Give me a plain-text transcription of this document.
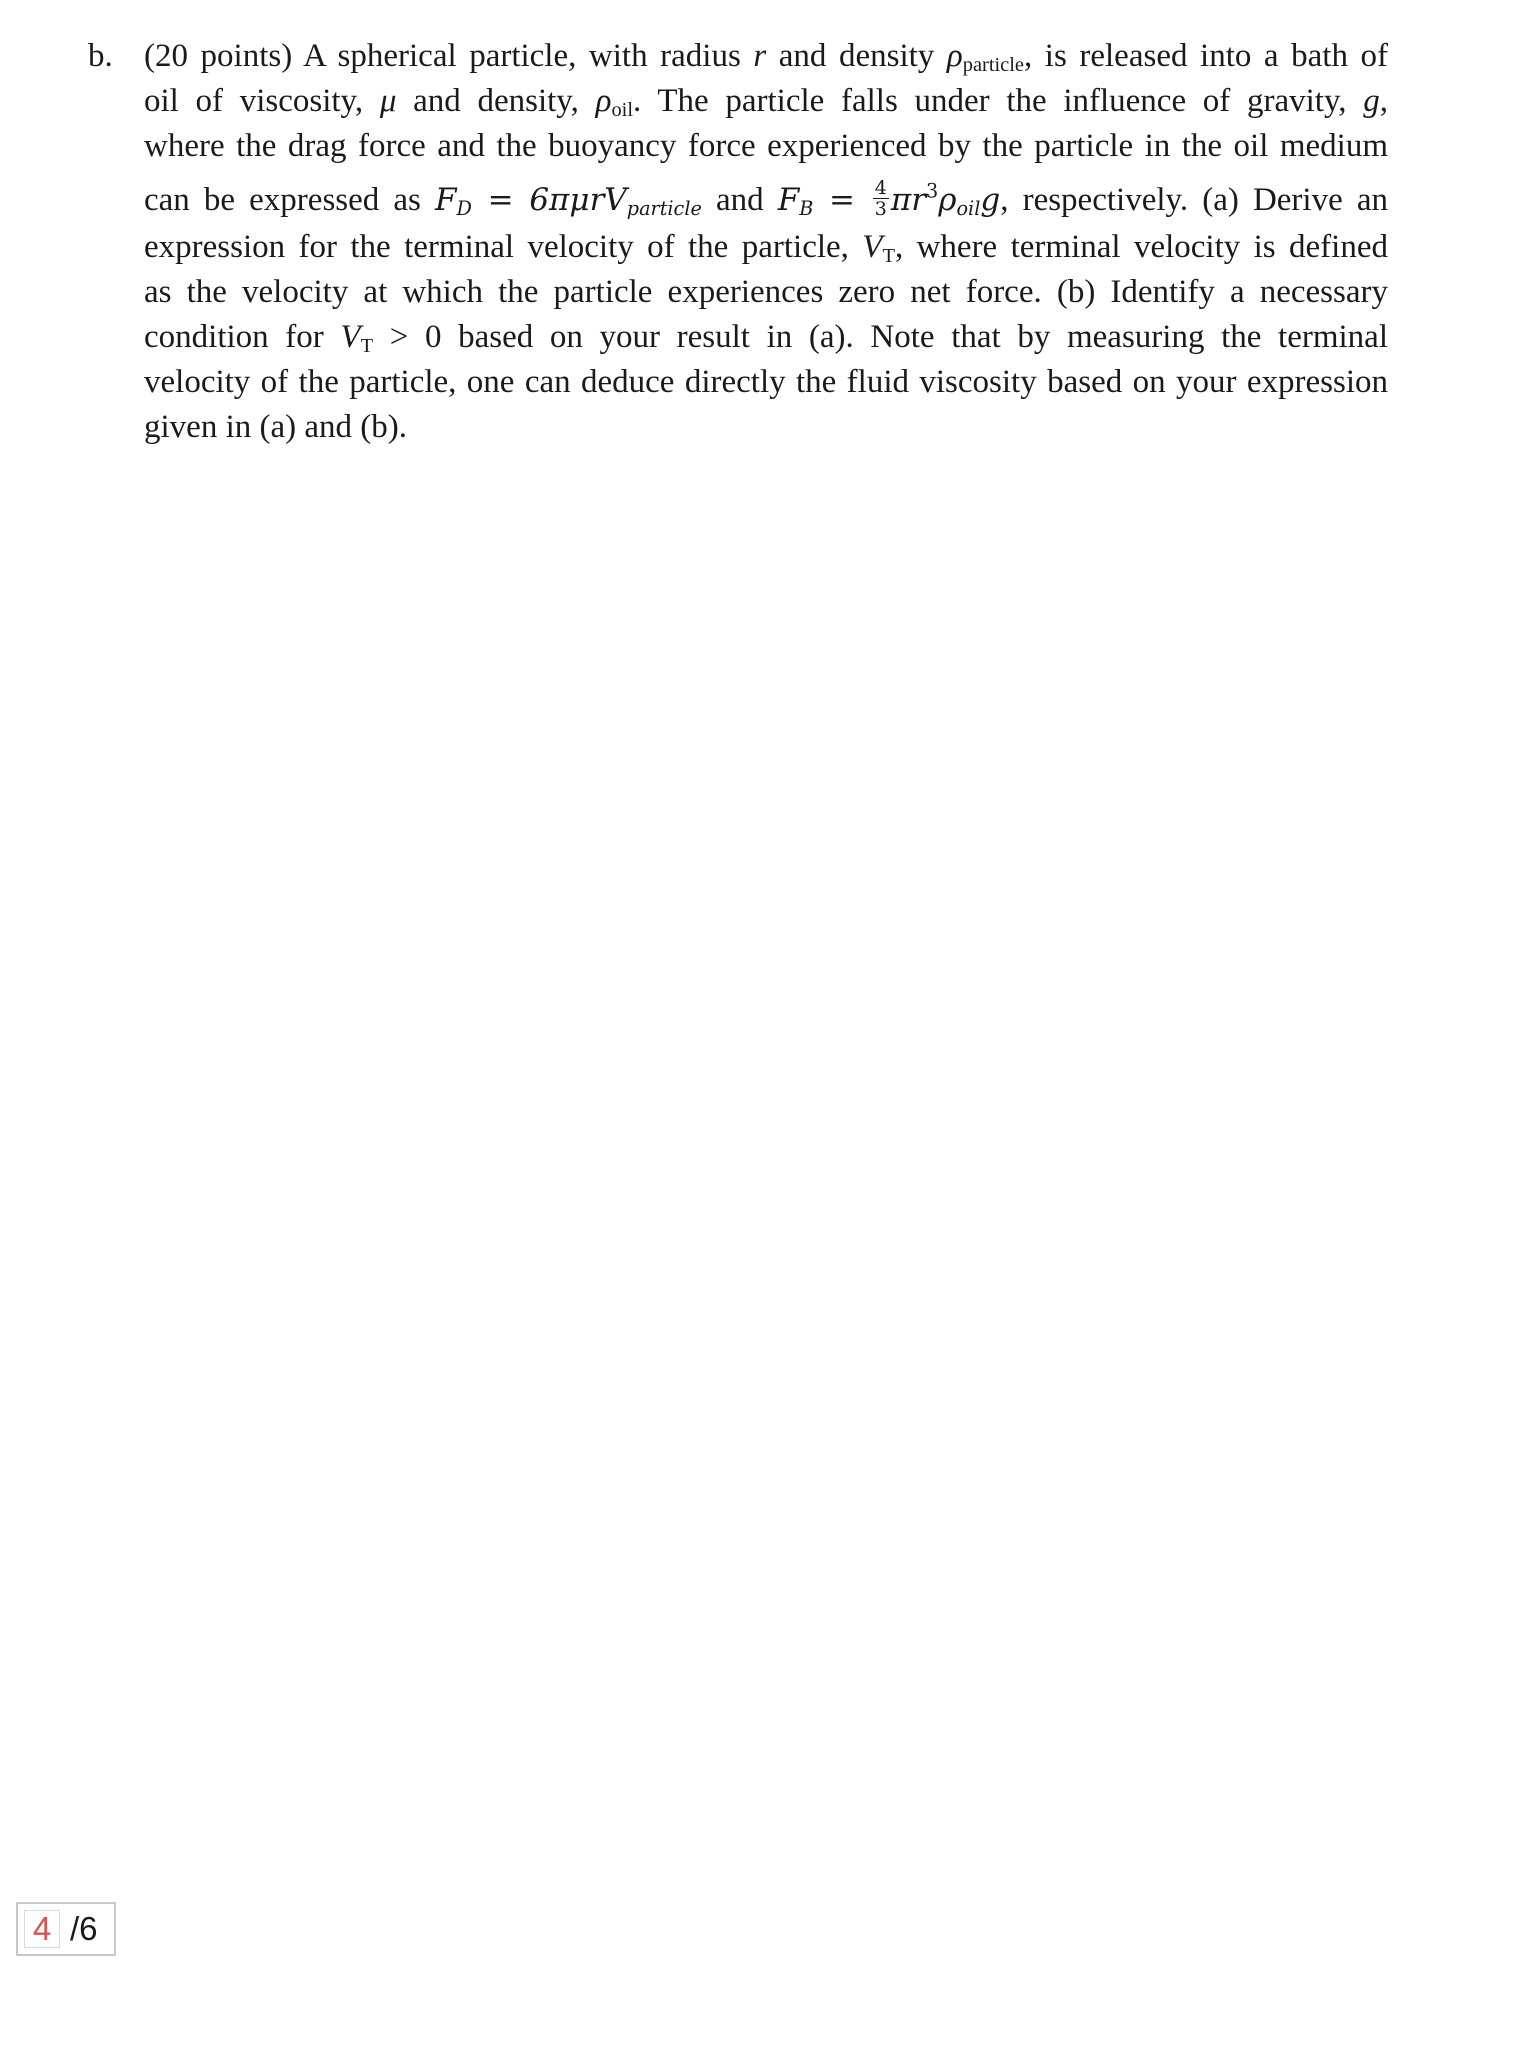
b. (20 points) A spherical particle, with radius r and density $\rho_{particle}$, is released into a bath of
oil of viscosity, μ and density, $\rho_{oil}$. The particle falls under the influence of gravity, g,
where the drag force and the buoyancy force experienced by the particle in the oil medium
can be expressed as $F_D = 6\pi\mu rV_{particle}$ and $F_B = \frac{4}{3} \pi r^3\rho_{oil}g$, respectively. (a) Derive an
expression for the terminal velocity of the particle, $V_T$, where terminal velocity is defined
as the velocity at which the particle experiences zero net force. (b) Identify a necessary
condition for $V_T > 0$ based on your result in (a). Note that by measuring the terminal
velocity of the particle, one can deduce directly the fluid viscosity based on your expression
given in (a) and (b).
4
/6
